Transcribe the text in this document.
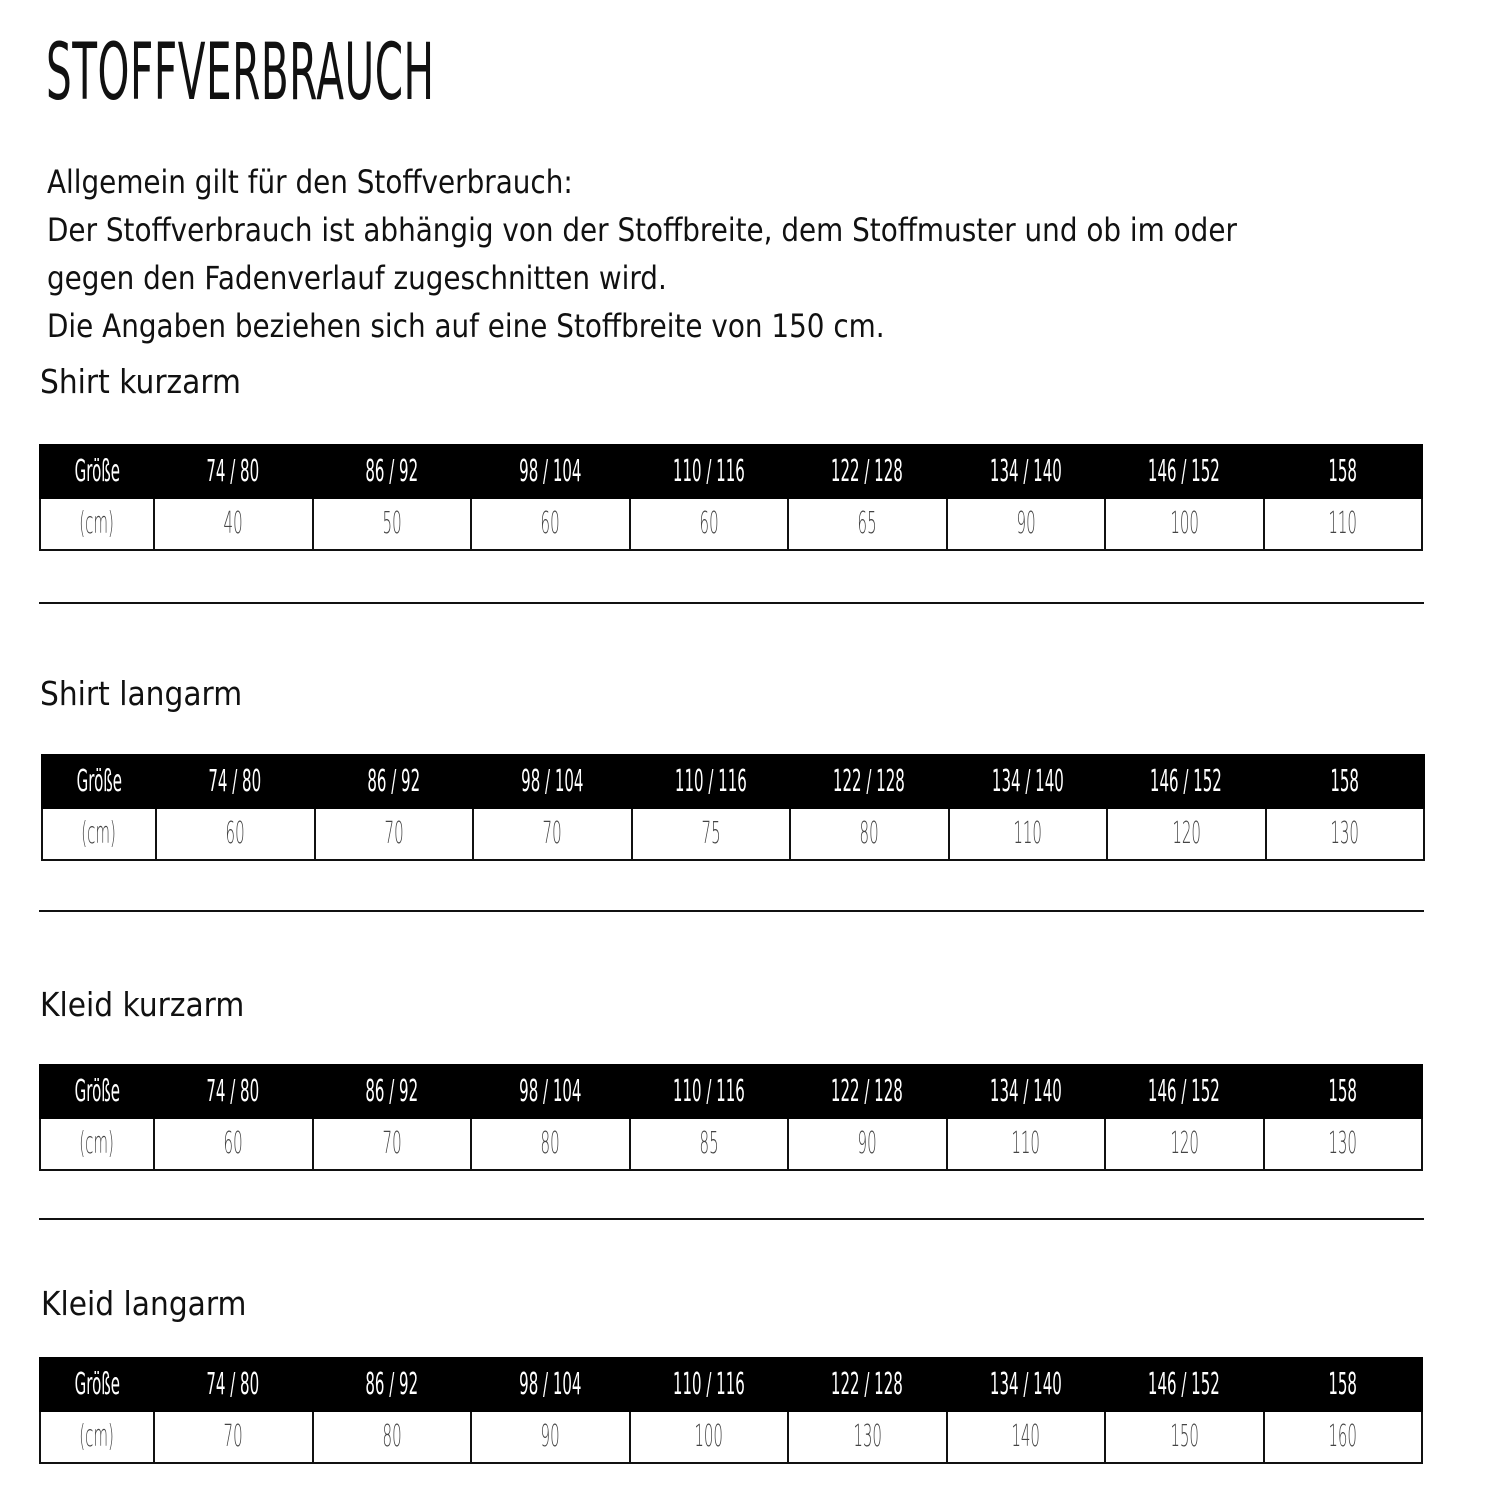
STOFFVERBRAUCH
Allgemein gilt für den Stoffverbrauch:
Der Stoffverbrauch ist abhängig von der Stoffbreite, dem Stoffmuster und ob im oder
gegen den Fadenverlauf zugeschnitten wird.
Die Angaben beziehen sich auf eine Stoffbreite von 150 cm.
Shirt kurzarm
Größe	74 / 80	86 / 92	98 / 104	110 / 116	122 / 128	134 / 140	146 / 152	158
(cm)	40	50	60	60	65	90	100	110
Shirt langarm
Größe	74 / 80	86 / 92	98 / 104	110 / 116	122 / 128	134 / 140	146 / 152	158
(cm)	60	70	70	75	80	110	120	130
Kleid kurzarm
Größe	74 / 80	86 / 92	98 / 104	110 / 116	122 / 128	134 / 140	146 / 152	158
(cm)	60	70	80	85	90	110	120	130
Kleid langarm
Größe	74 / 80	86 / 92	98 / 104	110 / 116	122 / 128	134 / 140	146 / 152	158
(cm)	70	80	90	100	130	140	150	160
